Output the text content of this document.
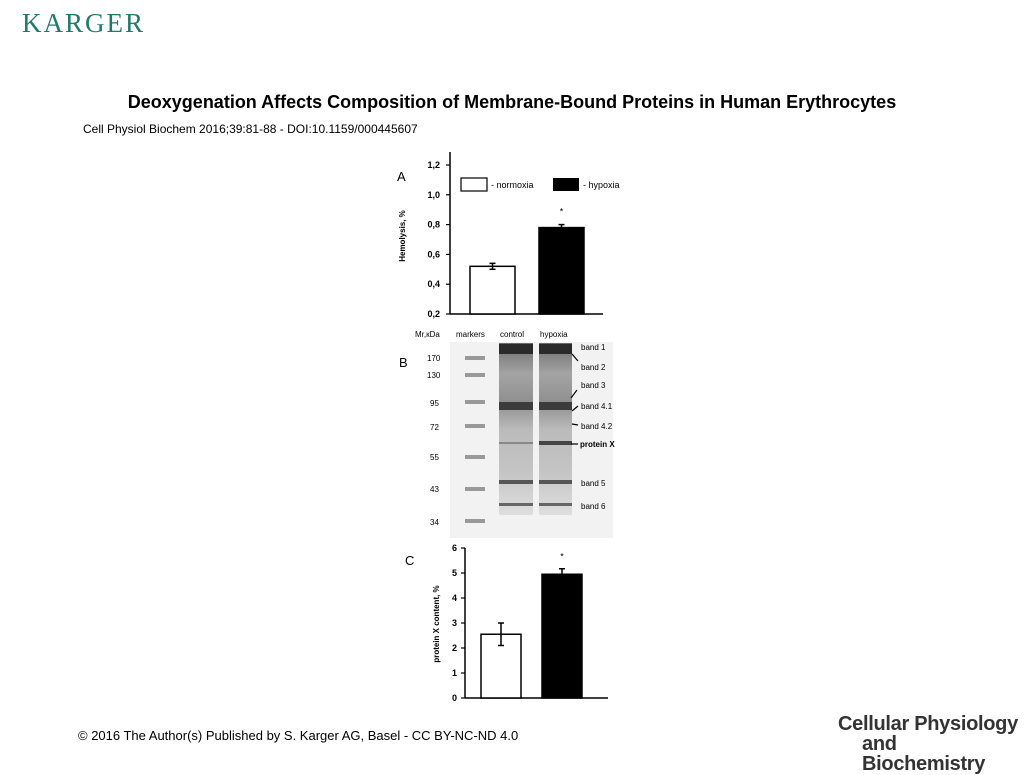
KARGER
Deoxygenation Affects Composition of Membrane-Bound Proteins in Human Erythrocytes
Cell Physiol Biochem 2016;39:81-88 - DOI:10.1159/000445607
A
Hemolysis, %
- normoxia	- hypoxia
1,2
1,0
0,8
0,6
0,4
0,2
*
B
Mr,кDa markers control hypoxia
170
130
95
72
55
43
34
band 1
band 2
band 3
band 4.1
band 4.2
protein X
band 5
band 6
C
protein X content, %
6
5
4
3
2
1
0
*
© 2016 The Author(s) Published by S. Karger AG, Basel - CC BY-NC-ND 4.0
Cellular Physiology
and Biochemistry
